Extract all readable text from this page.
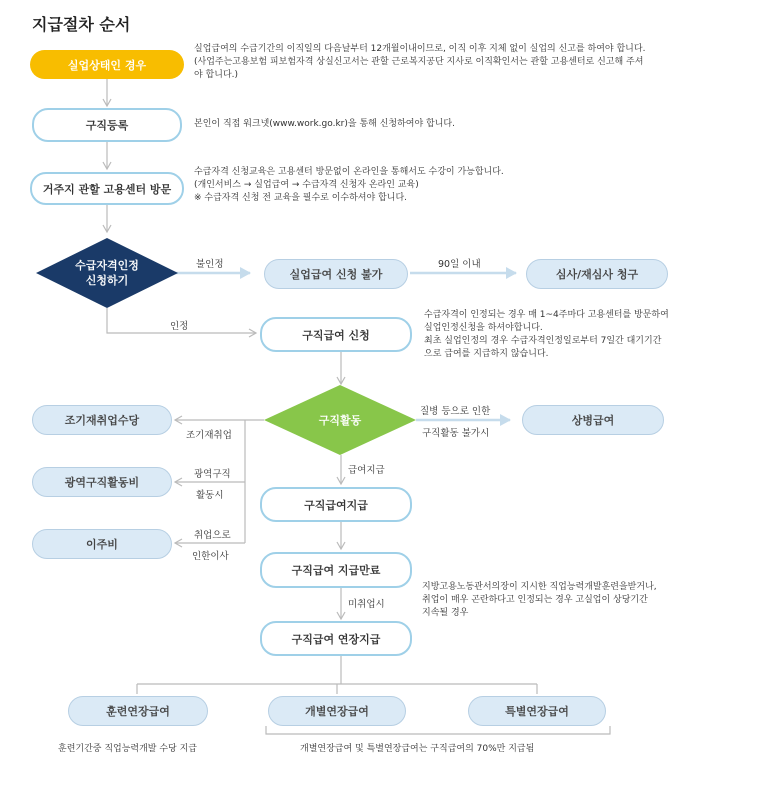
지급절차 순서
실업상태인 경우
구직등록
거주지 관할 고용센터 방문
수급자격인정
신청하기
실업급여의 수급기간의 이직일의 다음날부터 12개월이내이므로, 이직 이후 지체 없이 실업의 신고를 하여야 합니다.
(사업주는고용보험 피보험자격 상실신고서는 관할 근로복지공단 지사로 이직확인서는 관할 고용센터로 신고해 주셔
야 합니다.)
본인이 직접 워크넷(www.work.go.kr)을 통해 신청하여야 합니다.
수급자격 신청교육은 고용센터 방문없이 온라인을 통해서도 수강이 가능합니다.
(개인서비스 → 실업급여 → 수급자격 신청자 온라인 교육)
※ 수급자격 신청 전 교육을 필수로 이수하셔야 합니다.
불인정
실업급여 신청 불가
90일 이내
심사/재심사 청구
인정
구직급여 신청
수급자격이 인정되는 경우 매 1~4주마다 고용센터를 방문하여
실업인정신청을 하셔야합니다.
최초 실업인정의 경우 수급자격인정일로부터 7일간 대기기간
으로 급여를 지급하지 않습니다.
구직활동
질병 등으로 인한
구직활동 불가시
상병급여
조기재취업수당
조기재취업
광역구직활동비
광역구직
활동시
이주비
취업으로
인한이사
급여지급
구직급여지급
구직급여 지급만료
지방고용노동관서의장이 지시한 직업능력개발훈련을받거나,
취업이 매우 곤란하다고 인정되는 경우 고실업이 상당기간
지속될 경우
미취업시
구직급여 연장지급
훈련연장급여	개별연장급여	특별연장급여
훈련기간중 직업능력개발 수당 지급	개별연장급여 및 특별연장급여는 구직급여의 70%만 지급됨
